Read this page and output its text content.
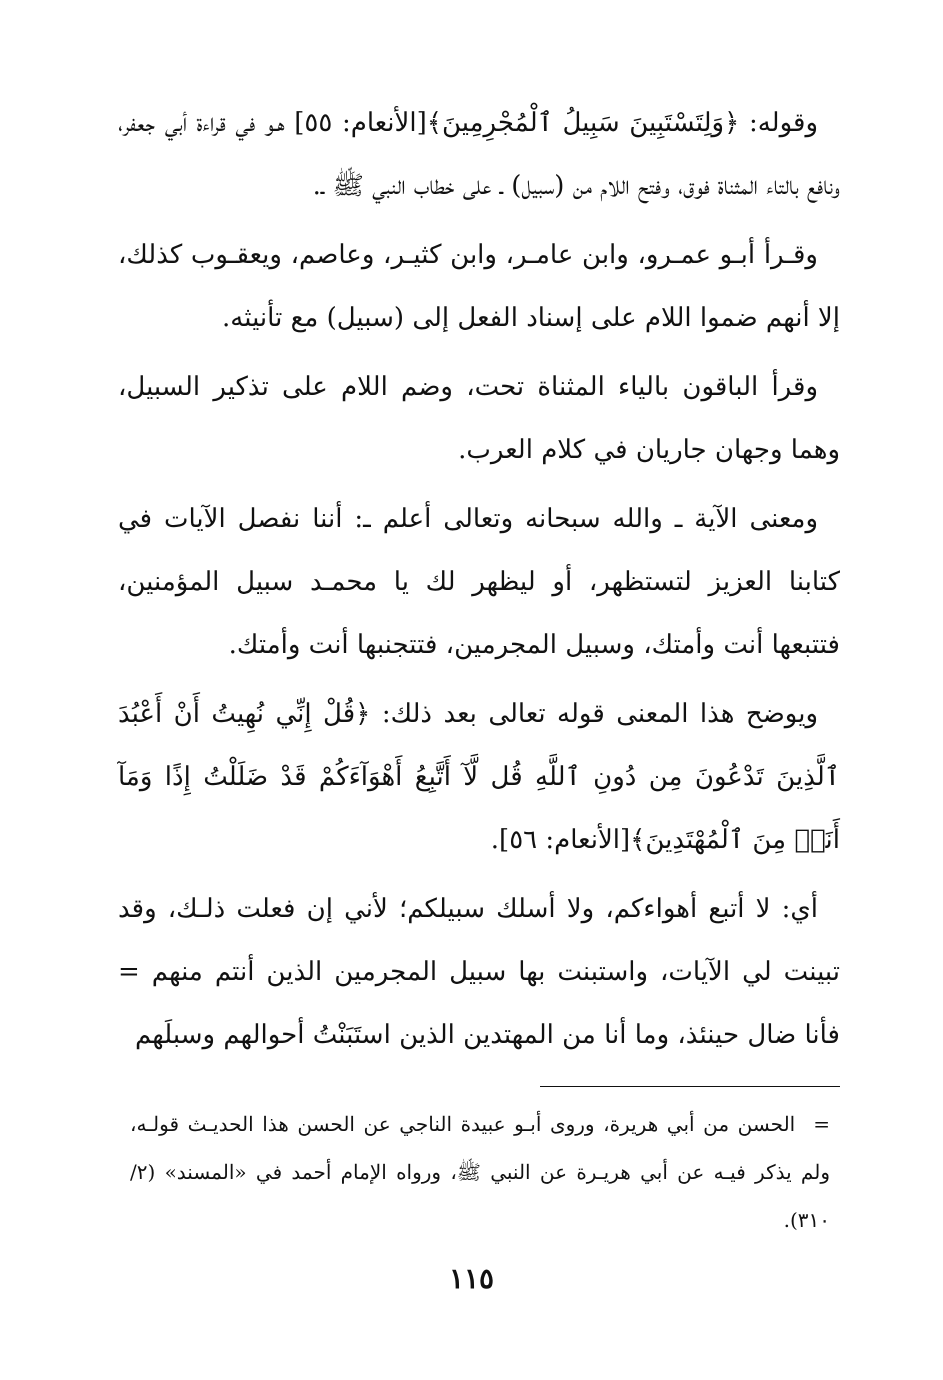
وقوله: ﴿وَلِتَسْتَبِينَ سَبِيلُ ٱلْمُجْرِمِينَ﴾[الأنعام: ٥٥] هـو في قراءة أبي جعفر، ونافع بالتاء المثناة فوق، وفتح اللام من (سبيل) ـ على خطاب النبي ﷺ ـ.

وقـرأ أبـو عمـرو، وابن عامـر، وابن كثيـر، وعاصم، ويعقـوب كذلك، إلا أنهم ضموا اللام على إسناد الفعل إلى (سبيل) مع تأنيثه.

وقرأ الباقون بالياء المثناة تحت، وضم اللام على تذكير السبيل، وهما وجهان جاريان في كلام العرب.

ومعنى الآية ـ والله سبحانه وتعالى أعلم ـ: أننا نفصل الآيات في كتابنا العزيز لتستظهر، أو ليظهر لك يا محمـد سبيل المؤمنين، فتتبعها أنت وأمتك، وسبيل المجرمين، فتتجنبها أنت وأمتك.

ويوضح هذا المعنى قوله تعالى بعد ذلك: ﴿قُلْ إِنِّي نُهِيتُ أَنْ أَعْبُدَ ٱلَّذِينَ تَدْعُونَ مِن دُونِ ٱللَّهِ قُل لَّآ أَتَّبِعُ أَهْوَآءَكُمْ قَدْ ضَلَلْتُ إِذًا وَمَآ أَنَا۠ مِنَ ٱلْمُهْتَدِينَ﴾[الأنعام: ٥٦].

أي: لا أتبع أهواءكم، ولا أسلك سبيلكم؛ لأني إن فعلت ذلـك، وقد تبينت لي الآيات، واستبنت بها سبيل المجرمين الذين أنتم منهم = فأنا ضال حينئذ، وما أنا من المهتدين الذين استَبَنْتُ أحوالهم وسبلَهم

=الحسن من أبي هريرة، وروى أبـو عبيدة الناجي عن الحسن هذا الحديـث قولـه، ولم يذكر فيـه عن أبي هريـرة عن النبي ﷺ، ورواه الإمام أحمد في «المسند» (٢/ ٣١٠).
١١٥
